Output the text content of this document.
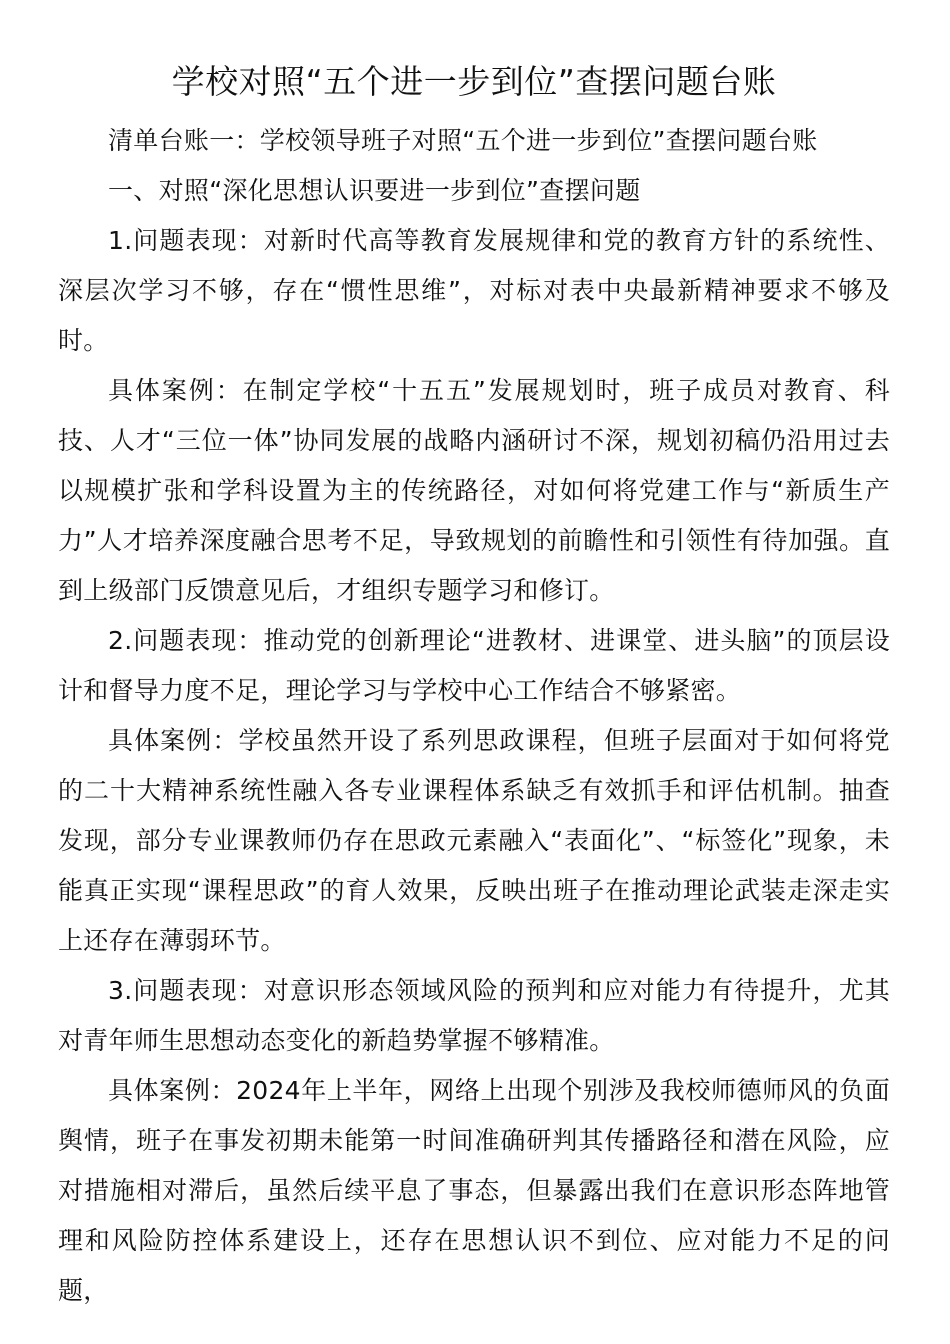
学校对照“五个进一步到位”查摆问题台账

清单台账一：学校领导班子对照“五个进一步到位”查摆问题台账

一、对照“深化思想认识要进一步到位”查摆问题

1.问题表现：对新时代高等教育发展规律和党的教育方针的系统性、深层次学习不够，存在“惯性思维”，对标对表中央最新精神要求不够及时。

具体案例：在制定学校“十五五”发展规划时，班子成员对教育、科技、人才“三位一体”协同发展的战略内涵研讨不深，规划初稿仍沿用过去以规模扩张和学科设置为主的传统路径，对如何将党建工作与“新质生产力”人才培养深度融合思考不足，导致规划的前瞻性和引领性有待加强。直到上级部门反馈意见后，才组织专题学习和修订。

2.问题表现：推动党的创新理论“进教材、进课堂、进头脑”的顶层设计和督导力度不足，理论学习与学校中心工作结合不够紧密。

具体案例：学校虽然开设了系列思政课程，但班子层面对于如何将党的二十大精神系统性融入各专业课程体系缺乏有效抓手和评估机制。抽查发现，部分专业课教师仍存在思政元素融入“表面化”、“标签化”现象，未能真正实现“课程思政”的育人效果，反映出班子在推动理论武装走深走实上还存在薄弱环节。

3.问题表现：对意识形态领域风险的预判和应对能力有待提升，尤其对青年师生思想动态变化的新趋势掌握不够精准。

具体案例：2024年上半年，网络上出现个别涉及我校师德师风的负面舆情，班子在事发初期未能第一时间准确研判其传播路径和潜在风险，应对措施相对滞后，虽然后续平息了事态，但暴露出我们在意识形态阵地管理和风险防控体系建设上，还存在思想认识不到位、应对能力不足的问题，
